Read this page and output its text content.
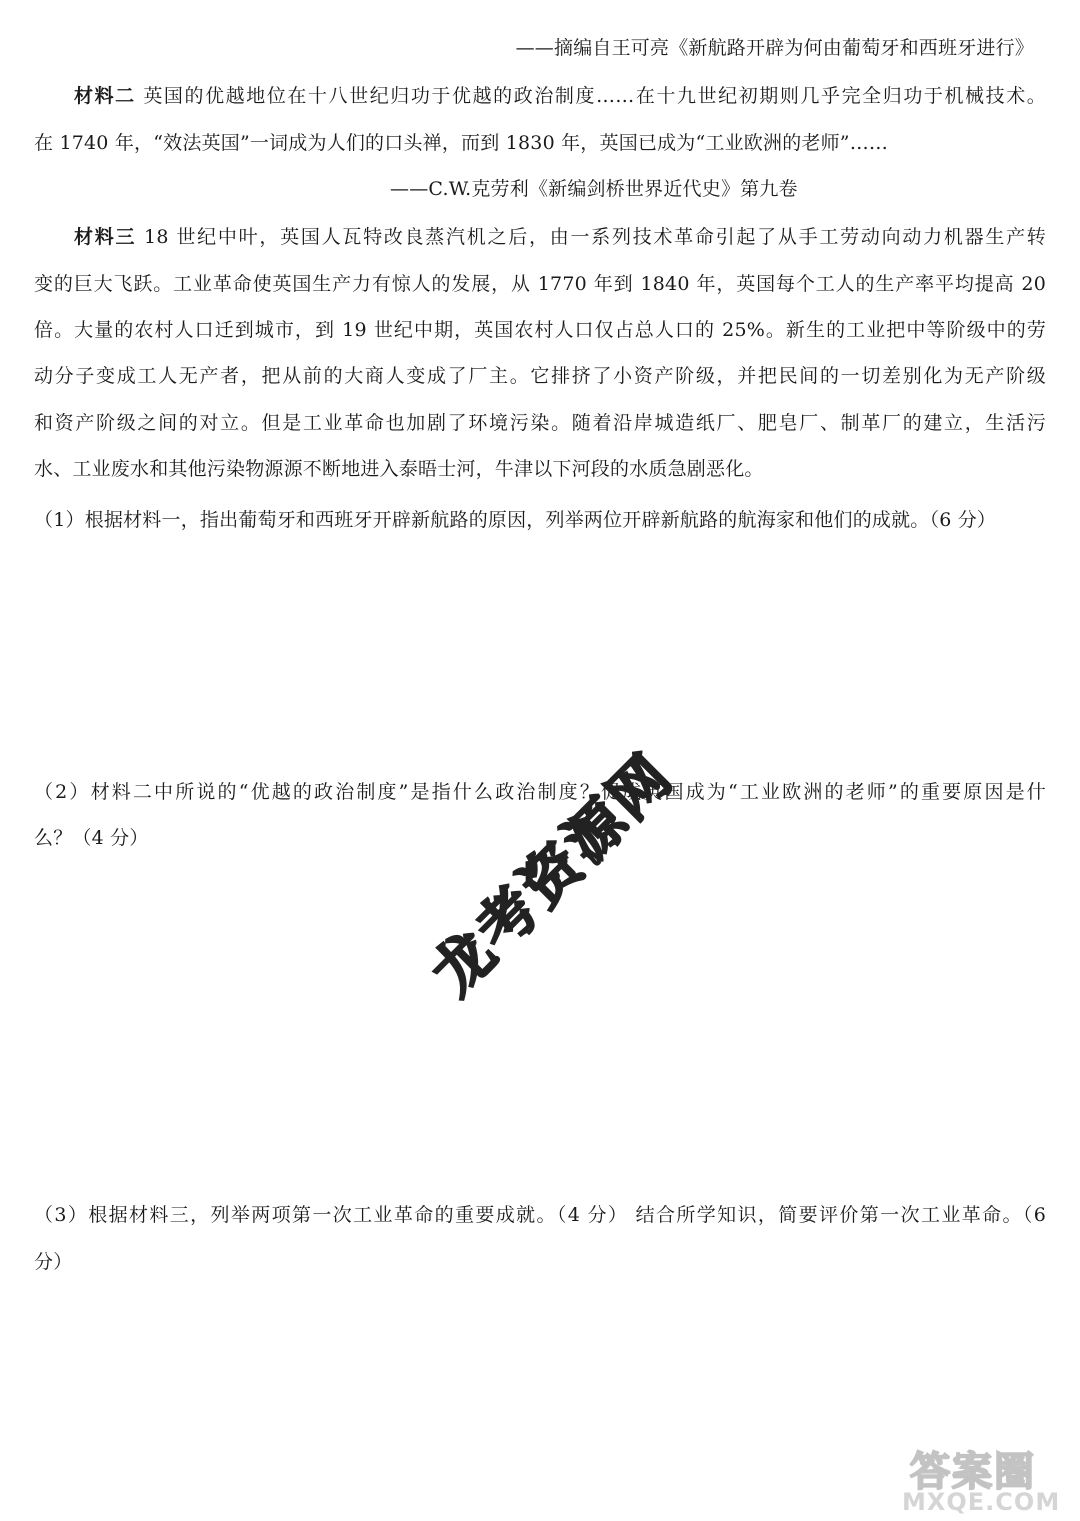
——摘编自王可亮《新航路开辟为何由葡萄牙和西班牙进行》
材料二 英国的优越地位在十八世纪归功于优越的政治制度……在十九世纪初期则几乎完全归功于机械技术。
在 1740 年，“效法英国”一词成为人们的口头禅，而到 1830 年，英国已成为“工业欧洲的老师”……
——C.W.克劳利《新编剑桥世界近代史》第九卷
材料三 18 世纪中叶，英国人瓦特改良蒸汽机之后，由一系列技术革命引起了从手工劳动向动力机器生产转
变的巨大飞跃。工业革命使英国生产力有惊人的发展，从 1770 年到 1840 年，英国每个工人的生产率平均提高 20
倍。大量的农村人口迁到城市，到 19 世纪中期，英国农村人口仅占总人口的 25%。新生的工业把中等阶级中的劳
动分子变成工人无产者，把从前的大商人变成了厂主。它排挤了小资产阶级，并把民间的一切差别化为无产阶级
和资产阶级之间的对立。但是工业革命也加剧了环境污染。随着沿岸城造纸厂、肥皂厂、制革厂的建立，生活污
水、工业废水和其他污染物源源不断地进入泰晤士河，牛津以下河段的水质急剧恶化。
（1）根据材料一，指出葡萄牙和西班牙开辟新航路的原因，列举两位开辟新航路的航海家和他们的成就。（6 分）
（2）材料二中所说的“优越的政治制度”是指什么政治制度？促成英国成为“工业欧洲的老师”的重要原因是什
么？（4 分）
（3）根据材料三，列举两项第一次工业革命的重要成就。（4 分） 结合所学知识，简要评价第一次工业革命。（6
分）
龙考资源网
答案圈
MXQE.COM
